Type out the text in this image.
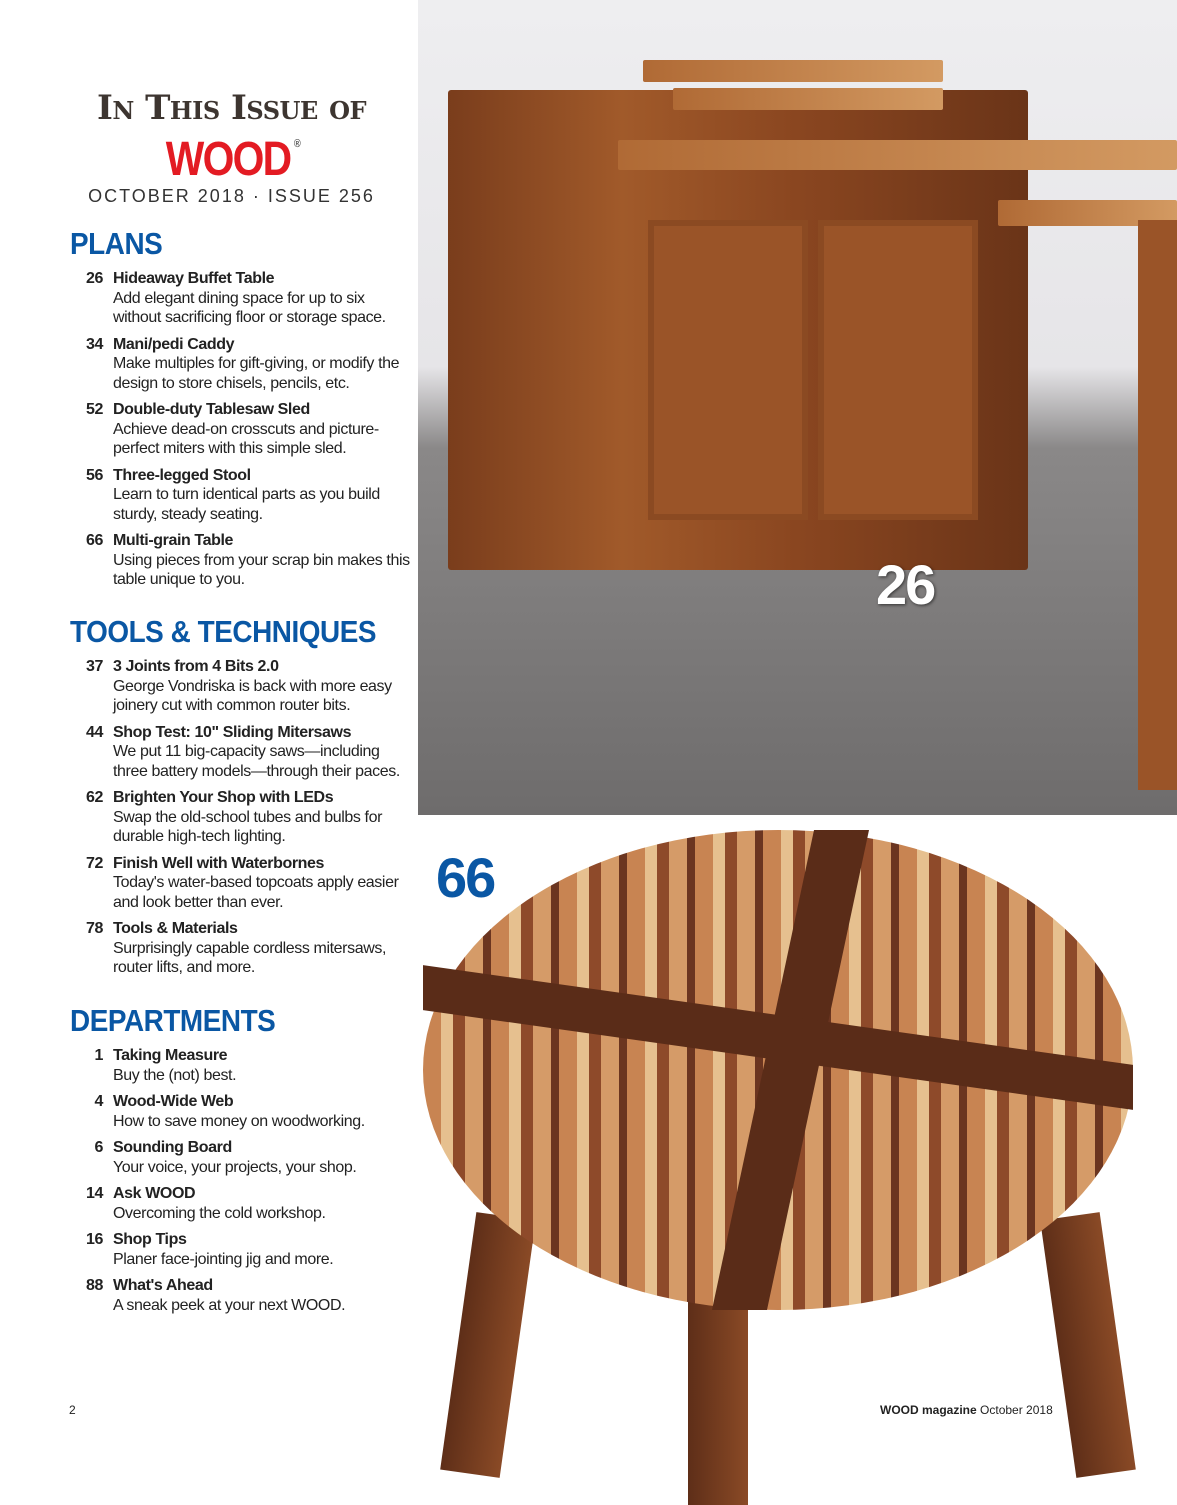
In This Issue of
WOOD ®
OCTOBER 2018 · ISSUE 256
PLANS
26 Hideaway Buffet Table
Add elegant dining space for up to six without sacrificing floor or storage space.
34 Mani/pedi Caddy
Make multiples for gift-giving, or modify the design to store chisels, pencils, etc.
52 Double-duty Tablesaw Sled
Achieve dead-on crosscuts and picture-perfect miters with this simple sled.
56 Three-legged Stool
Learn to turn identical parts as you build sturdy, steady seating.
66 Multi-grain Table
Using pieces from your scrap bin makes this table unique to you.
TOOLS & TECHNIQUES
37 3 Joints from 4 Bits 2.0
George Vondriska is back with more easy joinery cut with common router bits.
44 Shop Test: 10" Sliding Mitersaws
We put 11 big-capacity saws—including three battery models—through their paces.
62 Brighten Your Shop with LEDs
Swap the old-school tubes and bulbs for durable high-tech lighting.
72 Finish Well with Waterbornes
Today's water-based topcoats apply easier and look better than ever.
78 Tools & Materials
Surprisingly capable cordless mitersaws, router lifts, and more.
DEPARTMENTS
1 Taking Measure
Buy the (not) best.
4 Wood-Wide Web
How to save money on woodworking.
6 Sounding Board
Your voice, your projects, your shop.
14 Ask WOOD
Overcoming the cold workshop.
16 Shop Tips
Planer face-jointing jig and more.
88 What's Ahead
A sneak peek at your next WOOD.
2
26
66
WOOD magazine October 2018
